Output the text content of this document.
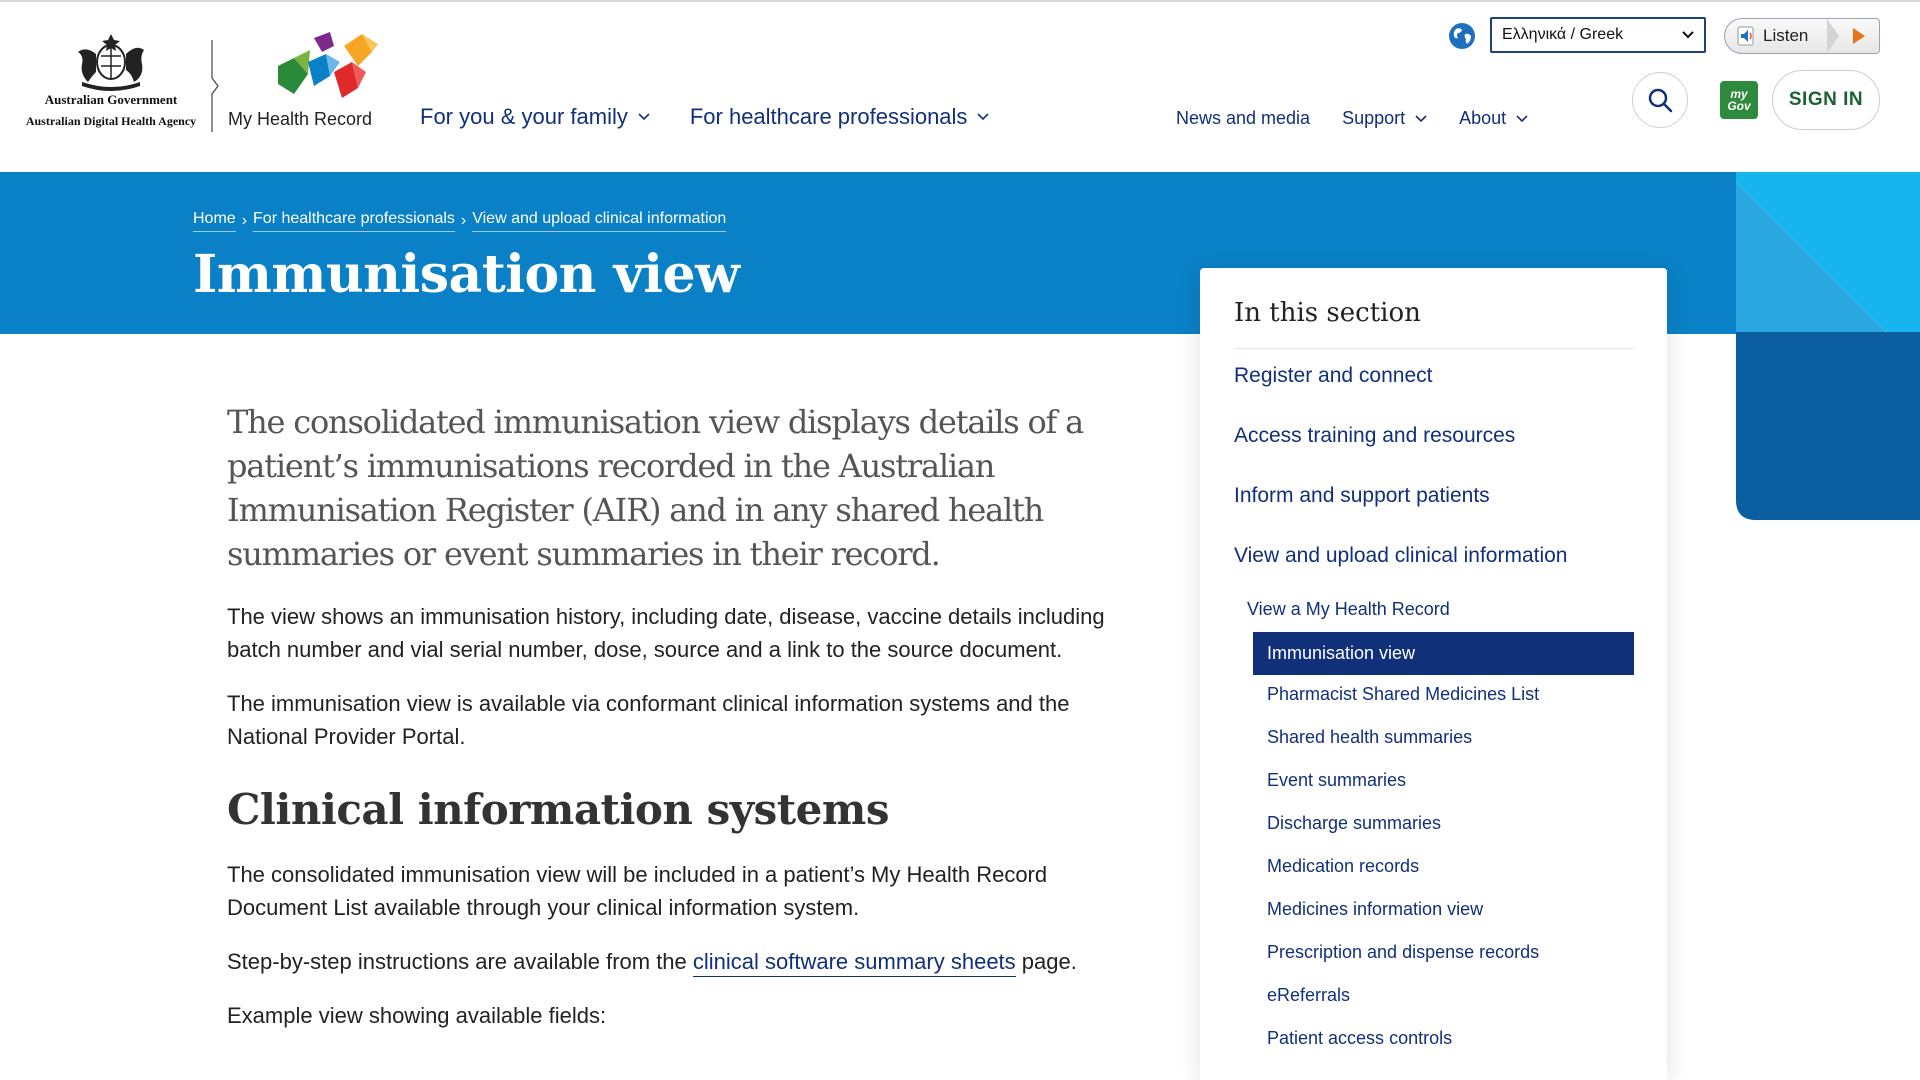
Australian Government
Australian Digital Health Agency	My Health Record For you & your family	For healthcare professionals	News and media Support	About
Ελληνικά / Greek	Listen
my
Gov SIGN IN
Home › For healthcare professionals › View and upload clinical information
Immunisation view

The consolidated immunisation view displays details of a patient’s immunisations recorded in the Australian Immunisation Register (AIR) and in any shared health summaries or event summaries in their record.

The view shows an immunisation history, including date, disease, vaccine details including batch number and vial serial number, dose, source and a link to the source document.

The immunisation view is available via conformant clinical information systems and the National Provider Portal.

Clinical information systems

The consolidated immunisation view will be included in a patient’s My Health Record Document List available through your clinical information system.

Step-by-step instructions are available from the clinical software summary sheets page.

Example view showing available fields:

In this section
Register and connect
Access training and resources
Inform and support patients
View and upload clinical information
View a My Health Record
Immunisation view
Pharmacist Shared Medicines List
Shared health summaries
Event summaries
Discharge summaries
Medication records
Medicines information view
Prescription and dispense records
eReferrals
Patient access controls
